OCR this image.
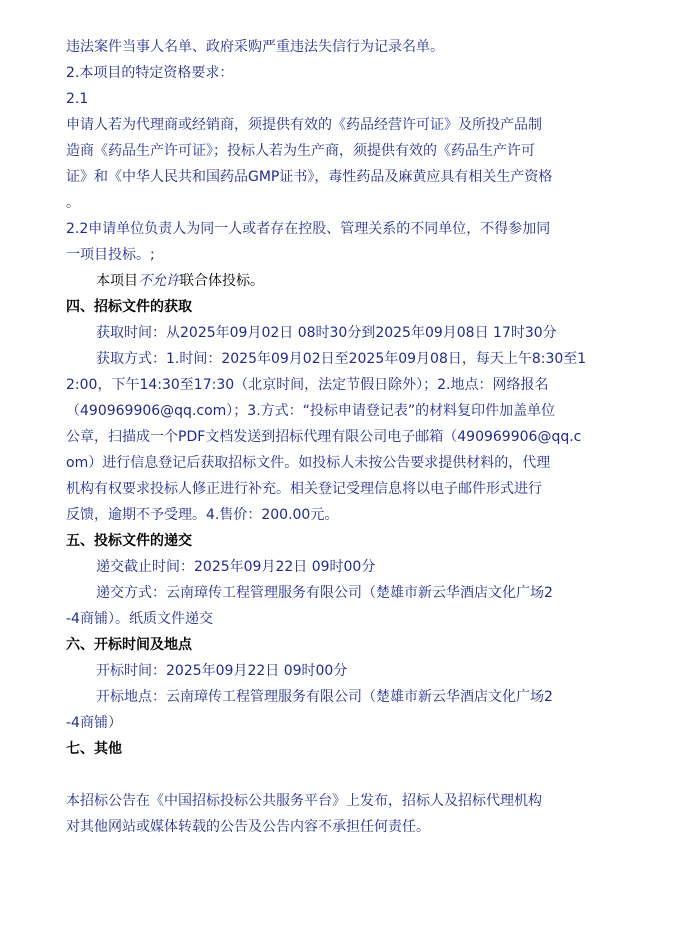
违法案件当事人名单、政府采购严重违法失信行为记录名单。
2.本项目的特定资格要求：
2.1
申请人若为代理商或经销商，须提供有效的《药品经营许可证》及所投产品制
造商《药品生产许可证》；投标人若为生产商，须提供有效的《药品生产许可
证》和《中华人民共和国药品GMP证书》，毒性药品及麻黄应具有相关生产资格
。
2.2申请单位负责人为同一人或者存在控股、管理关系的不同单位，不得参加同
一项目投标。;
本项目不允许联合体投标。
四、招标文件的获取
获取时间：从2025年09月02日 08时30分到2025年09月08日 17时30分
获取方式：1.时间：2025年09月02日至2025年09月08日，每天上午8:30至1
2:00，下午14:30至17:30（北京时间，法定节假日除外）；2.地点：网络报名
（490969906@qq.com）；3.方式：“投标申请登记表”的材料复印件加盖单位
公章，扫描成一个PDF文档发送到招标代理有限公司电子邮箱（490969906@qq.c
om）进行信息登记后获取招标文件。如投标人未按公告要求提供材料的，代理
机构有权要求投标人修正进行补充。相关登记受理信息将以电子邮件形式进行
反馈，逾期不予受理。4.售价：200.00元。
五、投标文件的递交
递交截止时间：2025年09月22日 09时00分
递交方式：云南璋传工程管理服务有限公司（楚雄市新云华酒店文化广场2
-4商铺）。纸质文件递交
六、开标时间及地点
开标时间：2025年09月22日 09时00分
开标地点：云南璋传工程管理服务有限公司（楚雄市新云华酒店文化广场2
-4商铺）
七、其他
本招标公告在《中国招标投标公共服务平台》上发布，招标人及招标代理机构
对其他网站或媒体转载的公告及公告内容不承担任何责任。
